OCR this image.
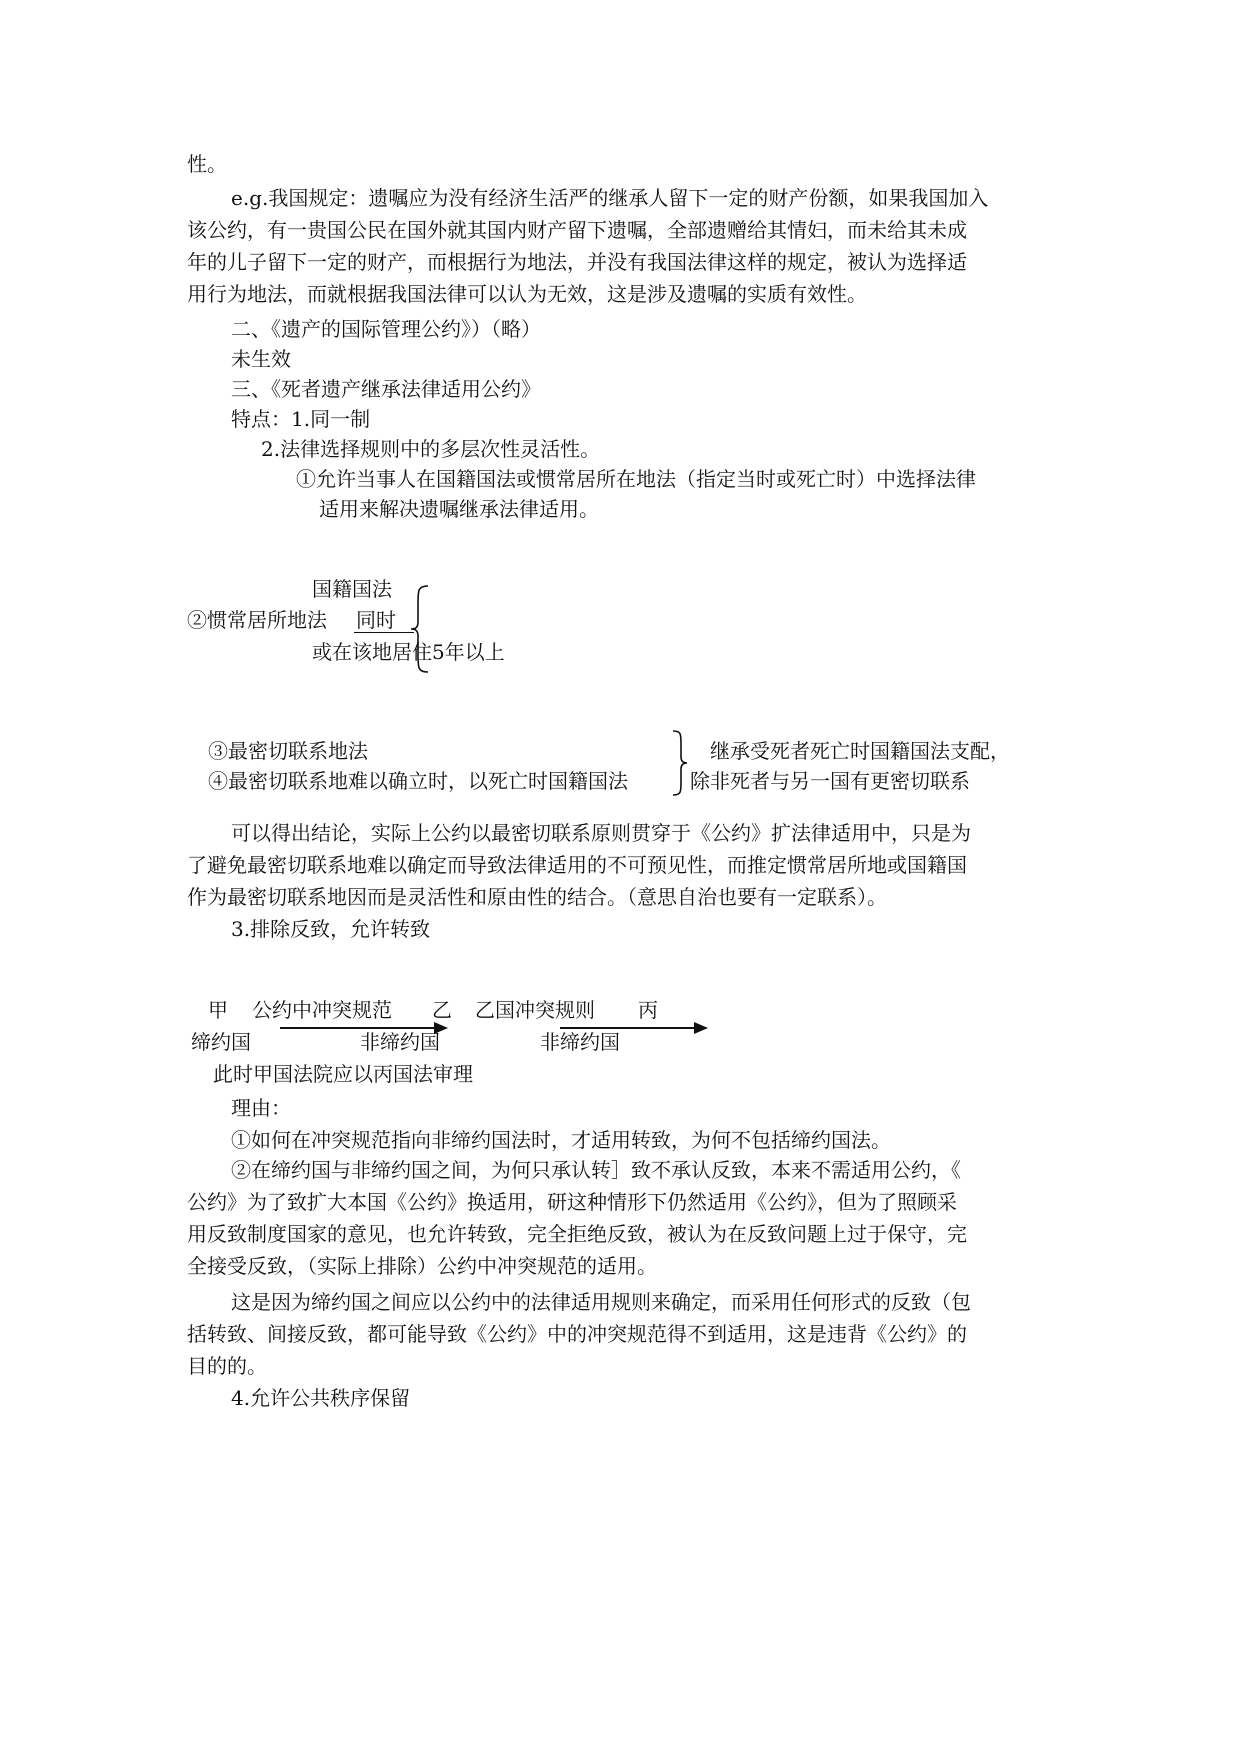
性。
e.g.我国规定：遗嘱应为没有经济生活严的继承人留下一定的财产份额，如果我国加入
该公约，有一贵国公民在国外就其国内财产留下遗嘱，全部遗赠给其情妇，而未给其未成
年的儿子留下一定的财产，而根据行为地法，并没有我国法律这样的规定，被认为选择适
用行为地法，而就根据我国法律可以认为无效，这是涉及遗嘱的实质有效性。
二、《遗产的国际管理公约》）（略）
未生效
三、《死者遗产继承法律适用公约》
特点：1.同一制
2.法律选择规则中的多层次性灵活性。
①允许当事人在国籍国法或惯常居所在地法（指定当时或死亡时）中选择法律
适用来解决遗嘱继承法律适用。
国籍国法
②惯常居所地法 同时
或在该地居住5年以上
③最密切联系地法
④最密切联系地难以确立时，以死亡时国籍国法
继承受死者死亡时国籍国法支配，
除非死者与另一国有更密切联系
可以得出结论，实际上公约以最密切联系原则贯穿于《公约》扩法律适用中，只是为
了避免最密切联系地难以确定而导致法律适用的不可预见性，而推定惯常居所地或国籍国
作为最密切联系地因而是灵活性和原由性的结合。（意思自治也要有一定联系）。
3.排除反致，允许转致
甲 公约中冲突规范 乙 乙国冲突规则 丙
缔约国	非缔约国	非缔约国
此时甲国法院应以丙国法审理
理由：
①如何在冲突规范指向非缔约国法时，才适用转致，为何不包括缔约国法。
②在缔约国与非缔约国之间，为何只承认转］致不承认反致，本来不需适用公约，《
公约》为了致扩大本国《公约》换适用，研这种情形下仍然适用《公约》，但为了照顾采
用反致制度国家的意见，也允许转致，完全拒绝反致，被认为在反致问题上过于保守，完
全接受反致，（实际上排除）公约中冲突规范的适用。
这是因为缔约国之间应以公约中的法律适用规则来确定，而采用任何形式的反致（包
括转致、间接反致，都可能导致《公约》中的冲突规范得不到适用，这是违背《公约》的
目的的。
4.允许公共秩序保留
